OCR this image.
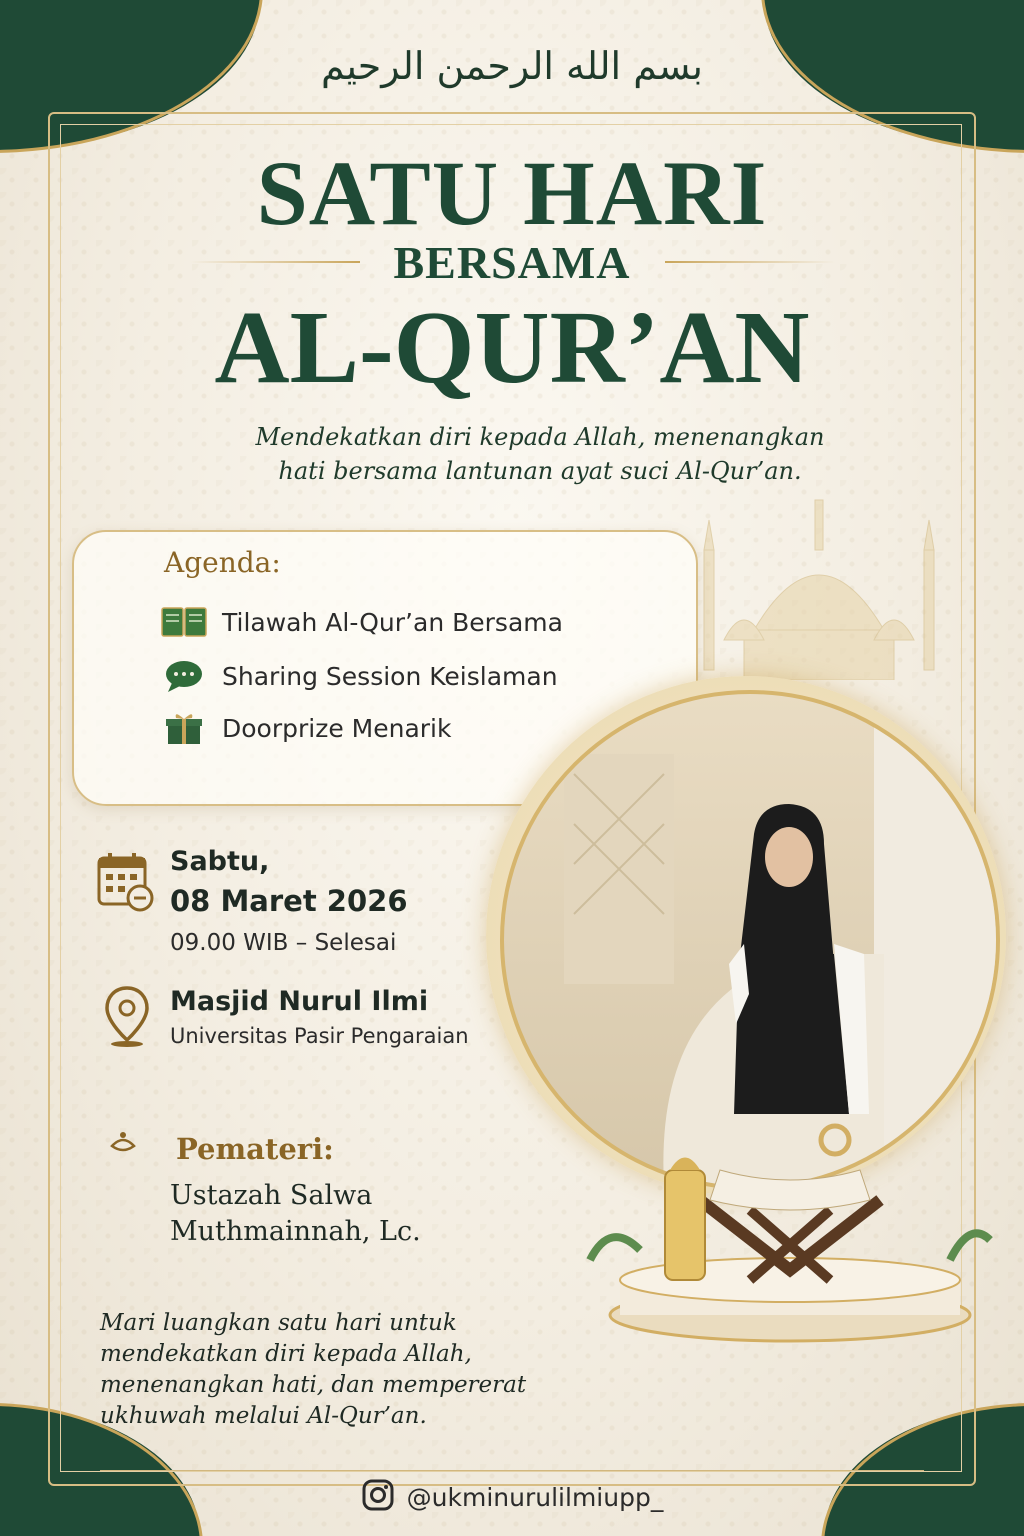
بسم الله الرحمن الرحيم
SATU HARI
BERSAMA
AL-QUR’AN
Mendekatkan diri kepada Allah, menenangkan
hati bersama lantunan ayat suci Al-Qur’an.
Agenda:
Tilawah Al-Qur’an Bersama
Sharing Session Keislaman
Doorprize Menarik
Sabtu,
08 Maret 2026
09.00 WIB – Selesai
Masjid Nurul Ilmi
Universitas Pasir Pengaraian
Pemateri:
Ustazah Salwa
Muthmainnah, Lc.
Mari luangkan satu hari untuk
mendekatkan diri kepada Allah,
menenangkan hati, dan mempererat
ukhuwah melalui Al-Qur’an.
@ukminurulilmiupp_
